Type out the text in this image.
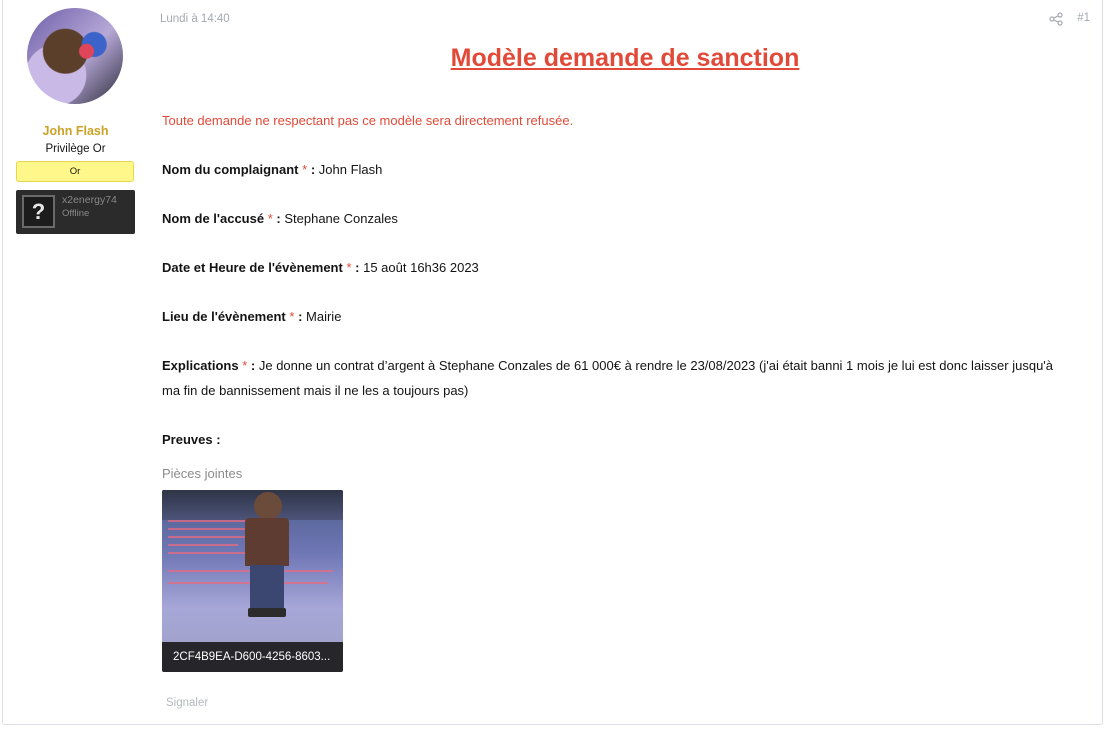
John Flash
Privilège Or
Or
?	x2energy74
Offline
Lundi à 14:40	#1
Modèle demande de sanction
Toute demande ne respectant pas ce modèle sera directement refusée.
Nom du complaignant * : John Flash
Nom de l'accusé * : Stephane Conzales
Date et Heure de l'évènement * : 15 août 16h36 2023
Lieu de l'évènement * : Mairie
Explications * : Je donne un contrat d’argent à Stephane Conzales de 61 000€ à rendre le 23/08/2023 (j'ai était banni 1 mois je lui est donc laisser jusqu'à ma fin de bannissement mais il ne les a toujours pas)
Preuves :
Pièces jointes
2CF4B9EA-D600-4256-8603...
Signaler
